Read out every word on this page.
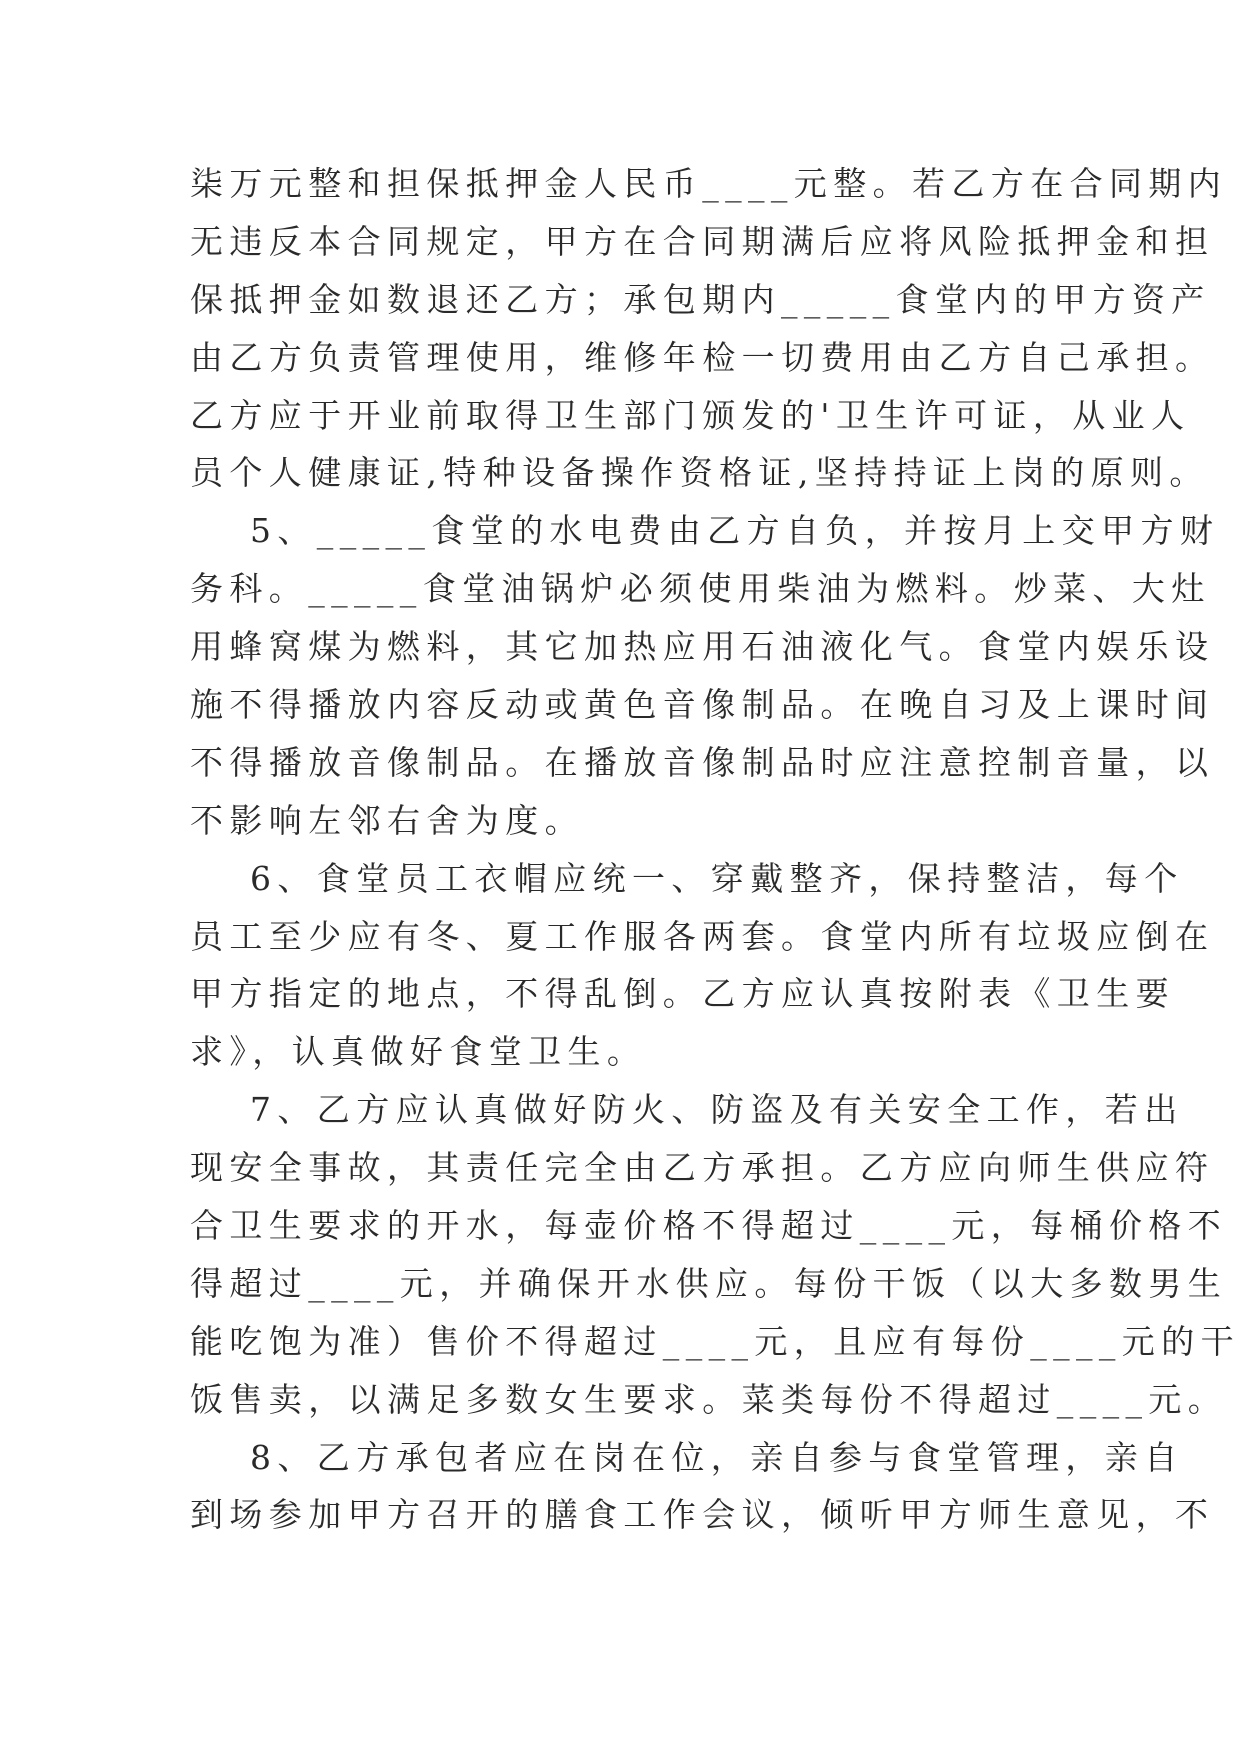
柒万元整和担保抵押金人民币____元整。若乙方在合同期内
无违反本合同规定，甲方在合同期满后应将风险抵押金和担
保抵押金如数退还乙方；承包期内_____食堂内的甲方资产
由乙方负责管理使用，维修年检一切费用由乙方自己承担。
乙方应于开业前取得卫生部门颁发的'卫生许可证，从业人
员个人健康证,特种设备操作资格证,坚持持证上岗的原则。
5、_____食堂的水电费由乙方自负，并按月上交甲方财
务科。_____食堂油锅炉必须使用柴油为燃料。炒菜、大灶
用蜂窝煤为燃料，其它加热应用石油液化气。食堂内娱乐设
施不得播放内容反动或黄色音像制品。在晚自习及上课时间
不得播放音像制品。在播放音像制品时应注意控制音量，以
不影响左邻右舍为度。
6、食堂员工衣帽应统一、穿戴整齐，保持整洁，每个
员工至少应有冬、夏工作服各两套。食堂内所有垃圾应倒在
甲方指定的地点，不得乱倒。乙方应认真按附表《卫生要
求》，认真做好食堂卫生。
7、乙方应认真做好防火、防盗及有关安全工作，若出
现安全事故，其责任完全由乙方承担。乙方应向师生供应符
合卫生要求的开水，每壶价格不得超过____元，每桶价格不
得超过____元，并确保开水供应。每份干饭（以大多数男生
能吃饱为准）售价不得超过____元，且应有每份____元的干
饭售卖，以满足多数女生要求。菜类每份不得超过____元。
8、乙方承包者应在岗在位，亲自参与食堂管理，亲自
到场参加甲方召开的膳食工作会议，倾听甲方师生意见，不
